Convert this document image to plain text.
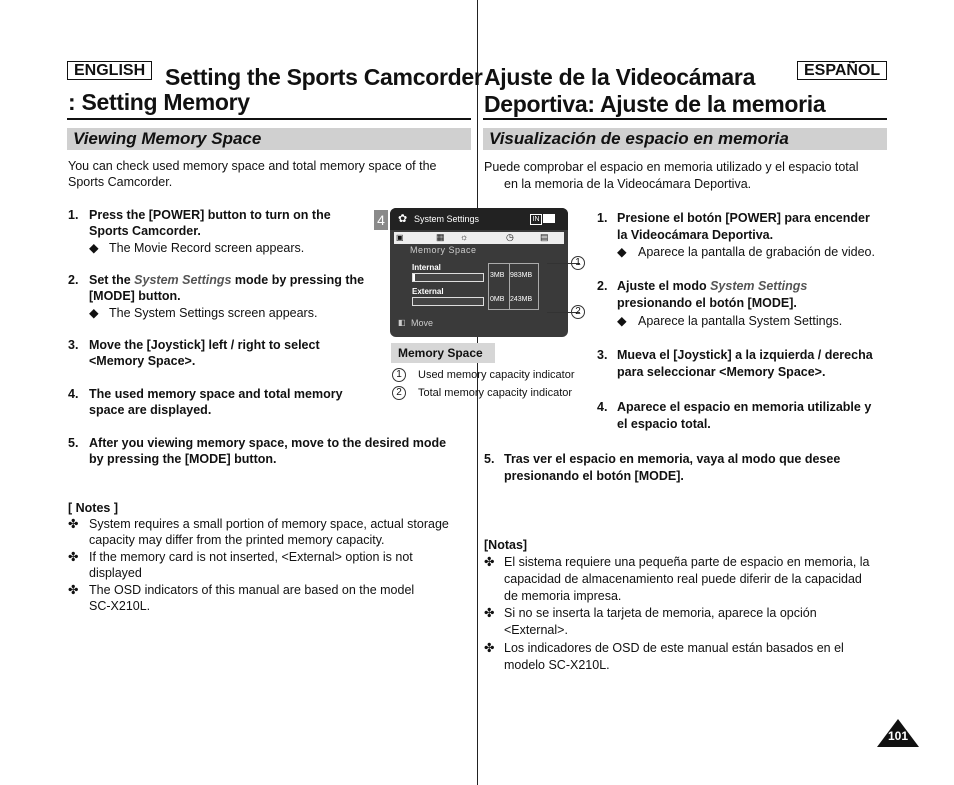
ENGLISH Setting the Sports Camcorder
: Setting Memory
Ajuste de la Videocámara	ESPAÑOL
Deportiva: Ajuste de la memoria
Viewing Memory Space	Visualización de espacio en memoria
You can check used memory space and total memory space of the
Sports Camcorder.
1. Press the [POWER] button to turn on the
Sports Camcorder.
◆ The Movie Record screen appears.
2. Set the System Settings mode by pressing the
[MODE] button.
◆ The System Settings screen appears.
3. Move the [Joystick] left / right to select
<Memory Space>.
4. The used memory space and total memory
space are displayed.
5. After you viewing memory space, move to the desired mode
by pressing the [MODE] button.
[ Notes ]
✤ System requires a small portion of memory space, actual storage
capacity may differ from the printed memory capacity.
✤ If the memory card is not inserted, <External> option is not
displayed
✤ The OSD indicators of this manual are based on the model
SC-X210L.
4 ✿ System Settings	IN
▣	▦ ☼	◷	▤
Memory Space
Internal
3MB 983MB
External
0MB 243MB
◧ Move
1
2
Memory Space
1	Used memory capacity indicator
2	Total memory capacity indicator
Puede comprobar el espacio en memoria utilizado y el espacio total
en la memoria de la Videocámara Deportiva.
1. Presione el botón [POWER] para encender
la Videocámara Deportiva.
◆ Aparece la pantalla de grabación de video.
2. Ajuste el modo System Settings
presionando el botón [MODE].
◆ Aparece la pantalla System Settings.
3. Mueva el [Joystick] a la izquierda / derecha
para seleccionar <Memory Space>.
4. Aparece el espacio en memoria utilizable y
el espacio total.
5. Tras ver el espacio en memoria, vaya al modo que desee
presionando el botón [MODE].
[Notas]
✤ El sistema requiere una pequeña parte de espacio en memoria, la
capacidad de almacenamiento real puede diferir de la capacidad
de memoria impresa.
✤ Si no se inserta la tarjeta de memoria, aparece la opción
<External>.
✤ Los indicadores de OSD de este manual están basados en el
modelo SC-X210L.
101
